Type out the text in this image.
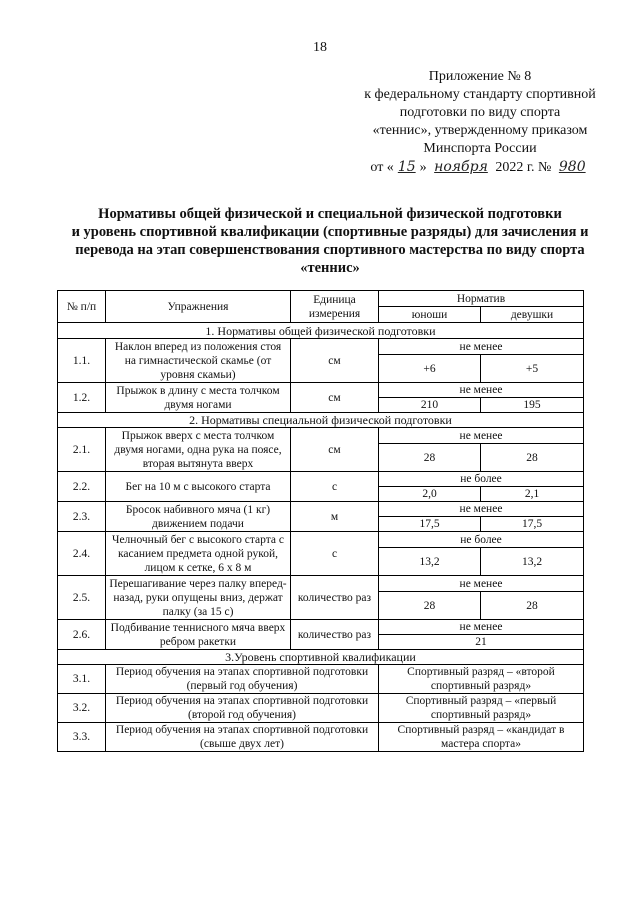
18
Приложение № 8
к федеральному стандарту спортивной
подготовки по виду спорта
«теннис», утвержденному приказом
Минспорта России
от « 15 » ноября 2022 г. № 980
Нормативы общей физической и специальной физической подготовки
и уровень спортивной квалификации (спортивные разряды) для зачисления и
перевода на этап совершенствования спортивного мастерства по виду спорта
«теннис»
№ п/п	Упражнения	Единица измерения	Норматив	
			юноши	девушки
1. Нормативы общей физической подготовки				
1.1.	Наклон вперед из положения стоя на гимнастической скамье (от уровня скамьи)	см	не менее	
			+6	+5
1.2.	Прыжок в длину с места толчком двумя ногами	см	не менее	
			210	195
2. Нормативы специальной физической подготовки				
2.1.	Прыжок вверх с места толчком двумя ногами, одна рука на поясе, вторая вытянута вверх	см	не менее	
			28	28
2.2.	Бег на 10 м с высокого старта	с	не более	
			2,0	2,1
2.3.	Бросок набивного мяча (1 кг) движением подачи	м	не менее	
			17,5	17,5
2.4.	Челночный бег с высокого старта с касанием предмета одной рукой, лицом к сетке, 6 х 8 м	с	не более	
			13,2	13,2
2.5.	Перешагивание через палку вперед-назад, руки опущены вниз, держат палку (за 15 с)	количество раз	не менее	
			28	28
2.6.	Подбивание теннисного мяча вверх ребром ракетки	количество раз	не менее	
			21	
3.Уровень спортивной квалификации				
3.1.	Период обучения на этапах спортивной подготовки (первый год обучения)		Спортивный разряд – «второй спортивный разряд»	
3.2.	Период обучения на этапах спортивной подготовки (второй год обучения)		Спортивный разряд – «первый спортивный разряд»	
3.3.	Период обучения на этапах спортивной подготовки (свыше двух лет)		Спортивный разряд – «кандидат в мастера спорта»	
